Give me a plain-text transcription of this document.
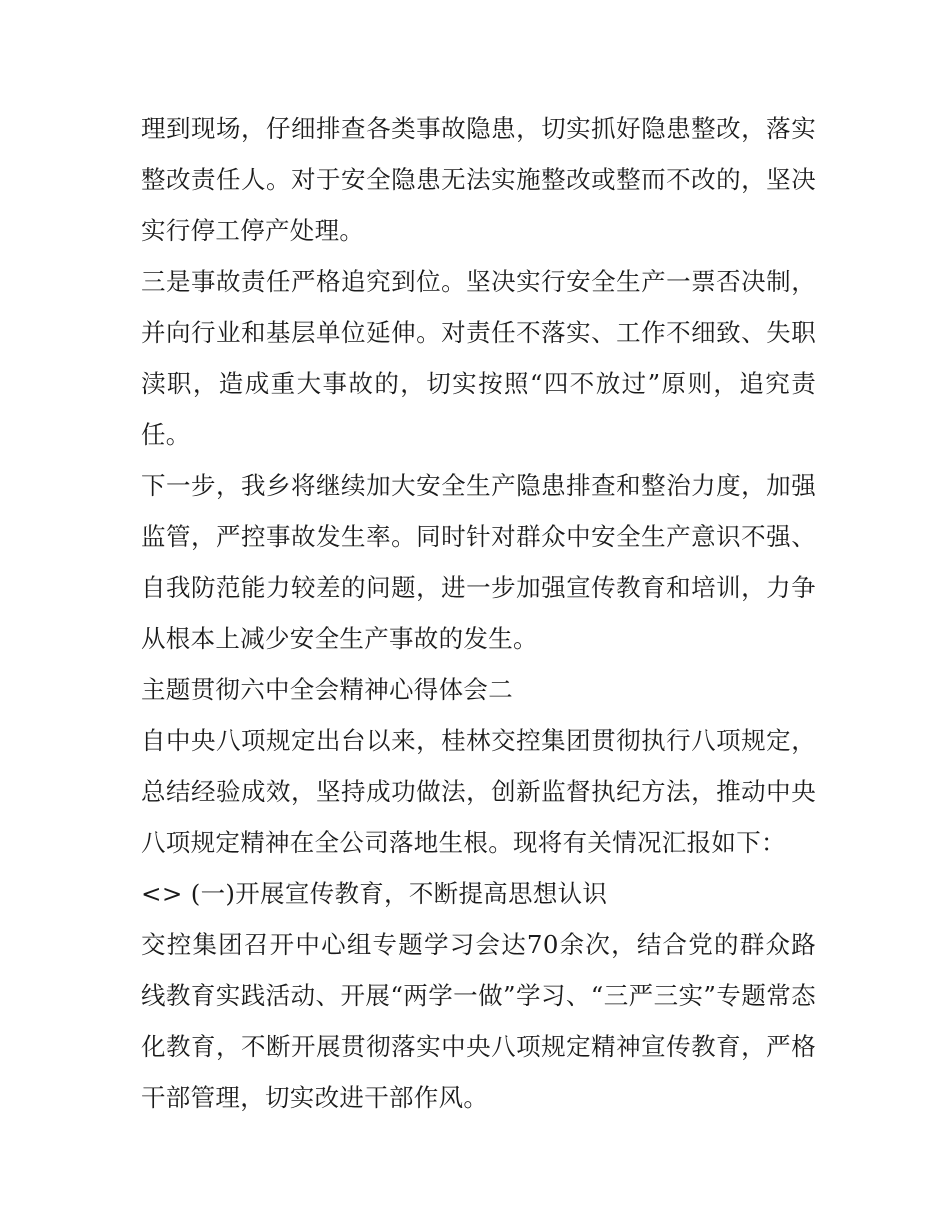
理到现场，仔细排查各类事故隐患，切实抓好隐患整改，落实整改责任人。对于安全隐患无法实施整改或整而不改的，坚决实行停工停产处理。

三是事故责任严格追究到位。坚决实行安全生产一票否决制，并向行业和基层单位延伸。对责任不落实、工作不细致、失职渎职，造成重大事故的，切实按照“四不放过”原则，追究责任。

下一步，我乡将继续加大安全生产隐患排查和整治力度，加强监管，严控事故发生率。同时针对群众中安全生产意识不强、自我防范能力较差的问题，进一步加强宣传教育和培训，力争从根本上减少安全生产事故的发生。

主题贯彻六中全会精神心得体会二

自中央八项规定出台以来，桂林交控集团贯彻执行八项规定，总结经验成效，坚持成功做法，创新监督执纪方法，推动中央八项规定精神在全公司落地生根。现将有关情况汇报如下：

<> (一)开展宣传教育，不断提高思想认识

交控集团召开中心组专题学习会达70余次，结合党的群众路线教育实践活动、开展“两学一做”学习、“三严三实”专题常态化教育，不断开展贯彻落实中央八项规定精神宣传教育，严格干部管理，切实改进干部作风。
